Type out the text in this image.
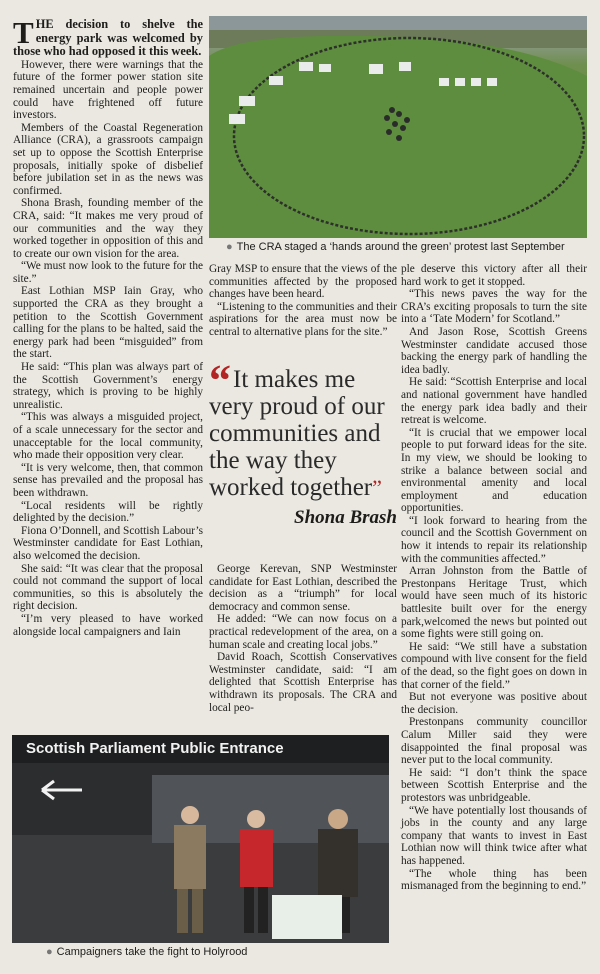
THE decision to shelve the energy park was welcomed by those who had opposed it this week.

However, there were warnings that the future of the former power station site remained uncertain and people power could have frightened off future investors.

Members of the Coastal Regeneration Alliance (CRA), a grassroots campaign set up to oppose the Scottish Enterprise proposals, initially spoke of disbelief before jubilation set in as the news was confirmed.

Shona Brash, founding member of the CRA, said: “It makes me very proud of our communities and the way they worked together in opposition of this and to create our own vision for the area.

“We must now look to the future for the site.”

East Lothian MSP Iain Gray, who supported the CRA as they brought a petition to the Scottish Government calling for the plans to be halted, said the energy park had been “misguided” from the start.

He said: “This plan was always part of the Scottish Government’s energy strategy, which is proving to be highly unrealistic.

“This was always a misguided project, of a scale unnecessary for the sector and unacceptable for the local community, who made their opposition very clear.

“It is very welcome, then, that common sense has prevailed and the proposal has been withdrawn.

“Local residents will be rightly delighted by the decision.”

Fiona O’Donnell, and Scottish Labour’s Westminster candidate for East Lothian, also welcomed the decision.

She said: “It was clear that the proposal could not command the support of local communities, so this is absolutely the right decision.

“I’m very pleased to have worked alongside local campaigners and Iain

● The CRA staged a ‘hands around the green’ protest last September

Gray MSP to ensure that the views of the communities affected by the proposed changes have been heard.

“Listening to the communities and their aspirations for the area must now be central to alternative plans for the site.”

“It makes me very proud of our communities and the way they worked together”
Shona Brash

George Kerevan, SNP Westminster candidate for East Lothian, described the decision as a “triumph” for local democracy and common sense.

He added: “We can now focus on a practical redevelopment of the area, on a human scale and creating local jobs.”

David Roach, Scottish Conservatives Westminster candidate, said: “I am delighted that Scottish Enterprise has withdrawn its proposals. The CRA and local peo-

ple deserve this victory after all their hard work to get it stopped.

“This news paves the way for the CRA’s exciting proposals to turn the site into a ‘Tate Modern’ for Scotland.”

And Jason Rose, Scottish Greens Westminster candidate accused those backing the energy park of handling the idea badly.

He said: “Scottish Enterprise and local and national government have handled the energy park idea badly and their retreat is welcome.

“It is crucial that we empower local people to put forward ideas for the site. In my view, we should be looking to strike a balance between social and environmental amenity and local employment and education opportunities.

“I look forward to hearing from the council and the Scottish Government on how it intends to repair its relationship with the communities affected.”

Arran Johnston from the Battle of Prestonpans Heritage Trust, which would have seen much of its historic battlesite built over for the energy park,welcomed the news but pointed out some fights were still going on.

He said: “We still have a substation compound with live consent for the field of the dead, so the fight goes on down in that corner of the field.”

But not everyone was positive about the decision.

Prestonpans community councillor Calum Miller said they were disappointed the final proposal was never put to the local community.

He said: “I don’t think the space between Scottish Enterprise and the protestors was unbridgeable.

“We have potentially lost thousands of jobs in the county and any large company that wants to invest in East Lothian now will think twice after what has happened.

“The whole thing has been mismanaged from the beginning to end.”

Scottish Parliament Public Entrance
● Campaigners take the fight to Holyrood
